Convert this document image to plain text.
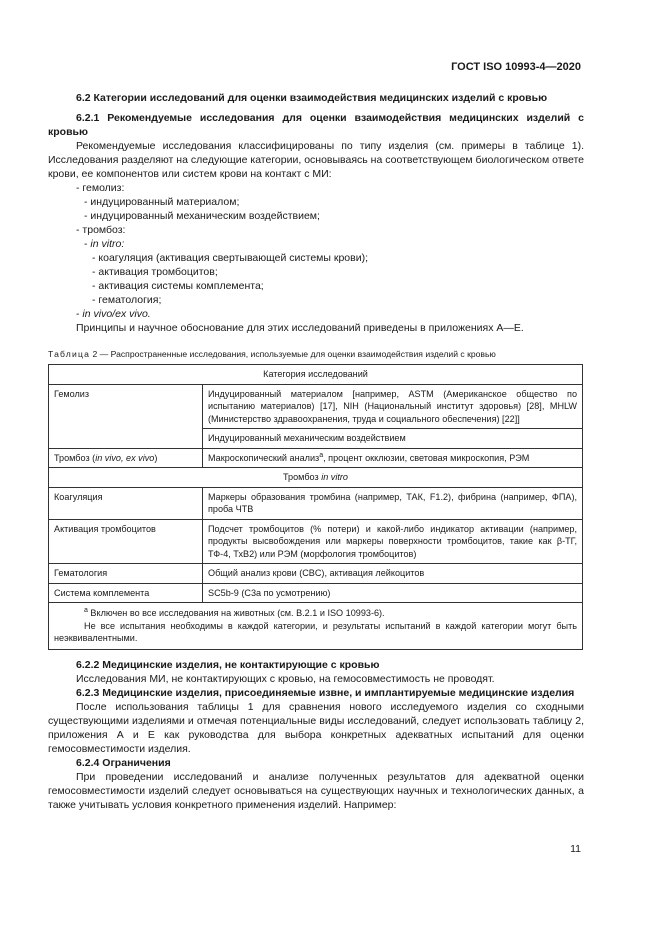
ГОСТ ISO 10993-4—2020
6.2 Категории исследований для оценки взаимодействия медицинских изделий с кровью
6.2.1 Рекомендуемые исследования для оценки взаимодействия медицинских изделий с кровью
Рекомендуемые исследования классифицированы по типу изделия (см. примеры в таблице 1). Исследования разделяют на следующие категории, основываясь на соответствующем биологическом ответе крови, ее компонентов или систем крови на контакт с МИ:
- гемолиз:
- индуцированный материалом;
- индуцированный механическим воздействием;
- тромбоз:
- in vitro:
- коагуляция (активация свертывающей системы крови);
- активация тромбоцитов;
- активация системы комплемента;
- гематология;
- in vivo/ex vivo.
Принципы и научное обоснование для этих исследований приведены в приложениях А—Е.
Таблица 2 — Распространенные исследования, используемые для оценки взаимодействия изделий с кровью
Категория исследований	
Гемолиз	Индуцированный материалом [например, ASTM (Американское общество по испытанию материалов) [17], NIH (Национальный институт здоровья) [28], MHLW (Министерство здравоохранения, труда и социального обеспечения) [22]]
	Индуцированный механическим воздействием
Тромбоз (in vivo, ex vivo)	Макроскопический анализ$^a$, процент окклюзии, световая микроскопия, РЭМ
Тромбоз in vitro	
Коагуляция	Маркеры образования тромбина (например, ТАК, F1.2), фибрина (например, ФПА), проба ЧТВ
Активация тромбоцитов	Подсчет тромбоцитов (% потери) и какой-либо индикатор активации (например, продукты высвобождения или маркеры поверхности тромбоцитов, такие как β-ТГ, ТФ-4, ТхВ2) или РЭМ (морфология тромбоцитов)
Гематология	Общий анализ крови (CBC), активация лейкоцитов
Система комплемента	SC5b-9 (С3а по усмотрению)

$^a$ Включен во все исследования на животных (см. В.2.1 и ISO 10993-6).
Не все испытания необходимы в каждой категории, и результаты испытаний в каждой категории могут быть неэквивалентными.	
6.2.2 Медицинские изделия, не контактирующие с кровью
Исследования МИ, не контактирующих с кровью, на гемосовместимость не проводят.
6.2.3 Медицинские изделия, присоединяемые извне, и имплантируемые медицинские изделия
После использования таблицы 1 для сравнения нового исследуемого изделия со сходными существующими изделиями и отмечая потенциальные виды исследований, следует использовать таблицу 2, приложения А и Е как руководства для выбора конкретных адекватных испытаний для оценки гемосовместимости изделия.
6.2.4 Ограничения
При проведении исследований и анализе полученных результатов для адекватной оценки гемосовместимости изделий следует основываться на существующих научных и технологических данных, а также учитывать условия конкретного применения изделий. Например:
11
